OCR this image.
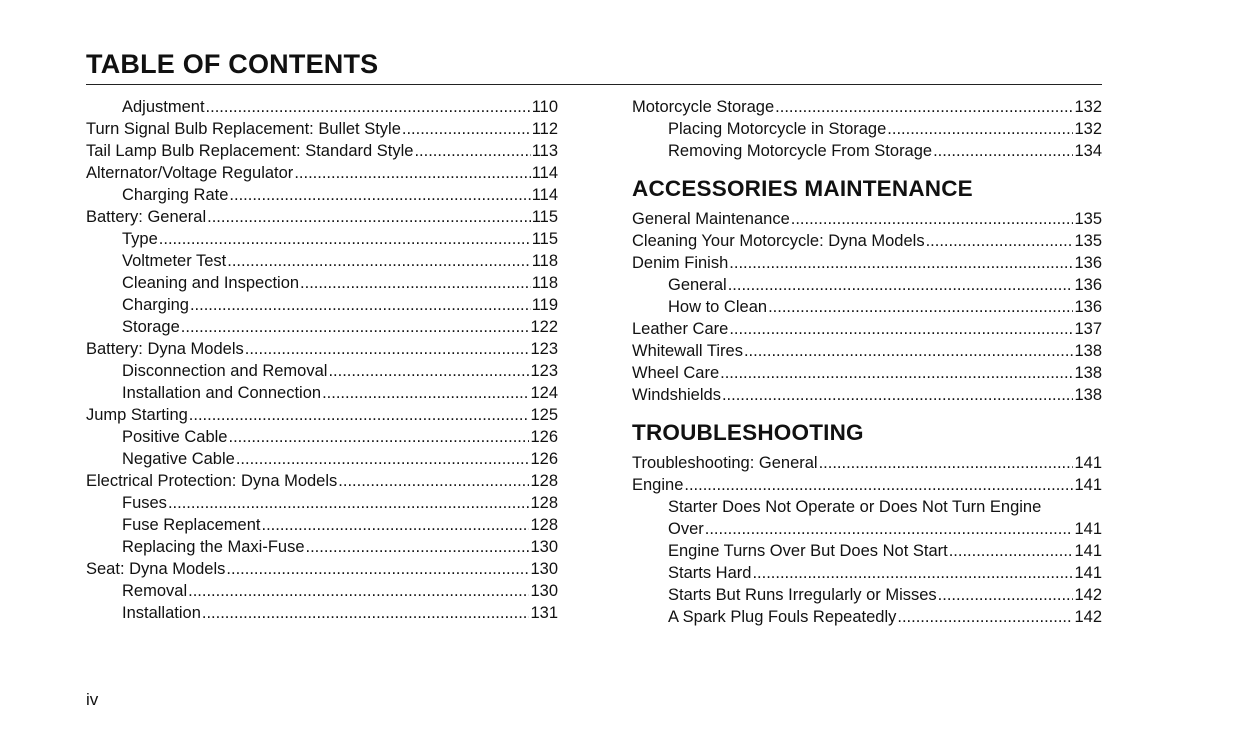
TABLE OF CONTENTS
Adjustment .....	110
Turn Signal Bulb Replacement: Bullet Style .....	112
Tail Lamp Bulb Replacement: Standard Style .....	113
Alternator/Voltage Regulator .....	114
Charging Rate .....	114
Battery: General .....	115
Type .....	115
Voltmeter Test .....	118
Cleaning and Inspection .....	118
Charging .....	119
Storage .....	122
Battery: Dyna Models .....	123
Disconnection and Removal .....	123
Installation and Connection .....	124
Jump Starting .....	125
Positive Cable .....	126
Negative Cable .....	126
Electrical Protection: Dyna Models .....	128
Fuses .....	128
Fuse Replacement .....	128
Replacing the Maxi-Fuse .....	130
Seat: Dyna Models .....	130
Removal .....	130
Installation .....	131
Motorcycle Storage .....	132
Placing Motorcycle in Storage .....	132
Removing Motorcycle From Storage .....	134
ACCESSORIES MAINTENANCE
General Maintenance .....	135
Cleaning Your Motorcycle: Dyna Models .....	135
Denim Finish .....	136
General .....	136
How to Clean .....	136
Leather Care .....	137
Whitewall Tires .....	138
Wheel Care .....	138
Windshields .....	138
TROUBLESHOOTING
Troubleshooting: General .....	141
Engine .....	141
Starter Does Not Operate or Does Not Turn Engine
Over .....	141
Engine Turns Over But Does Not Start .....	141
Starts Hard .....	141
Starts But Runs Irregularly or Misses .....	142
A Spark Plug Fouls Repeatedly .....	142
iv
